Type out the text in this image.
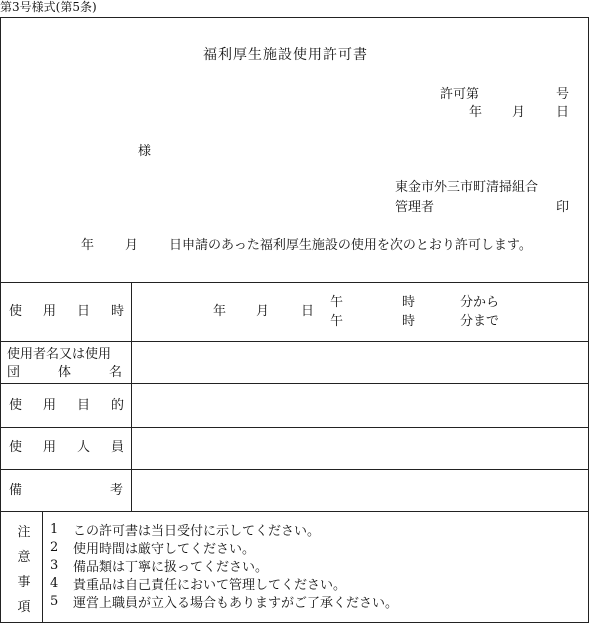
第3号様式(第5条)
福利厚生施設使用許可書
許可第	号
年 月 日
様
東金市外三市町清掃組合
管理者	印
年 月 日申請のあった福利厚生施設の使用を次のとおり許可します。
使用日時	年 月 日
午	時	分から
午	時	分まで
使用者名又は使用
団体名
使用目的
使用人員
備考
注
意
事
項
1	この許可書は当日受付に示してください。
2	使用時間は厳守してください。
3	備品類は丁寧に扱ってください。
4	貴重品は自己責任において管理してください。
5	運営上職員が立入る場合もありますがご了承ください。
